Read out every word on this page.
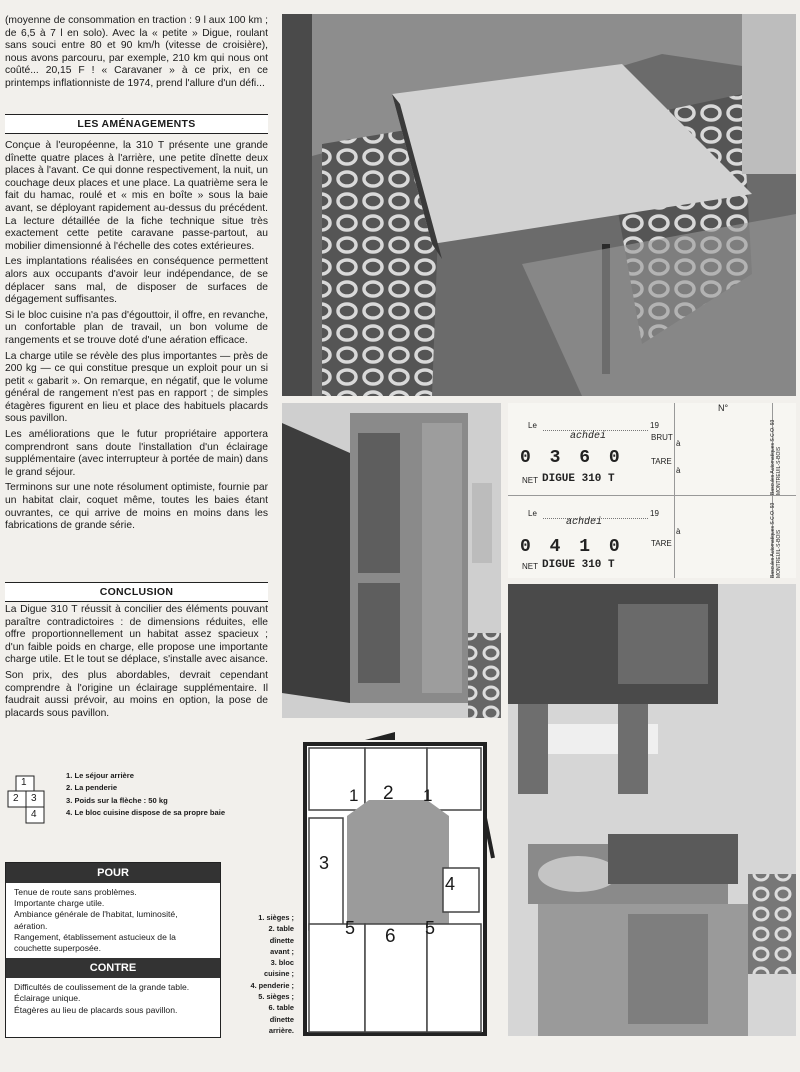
(moyenne de consommation en traction : 9 l aux 100 km ; de 6,5 à 7 l en solo). Avec la « petite » Digue, roulant sans souci entre 80 et 90 km/h (vitesse de croisière), nous avons parcouru, par exemple, 210 km qui nous ont coûté... 20,15 F ! « Caravaner » à ce prix, en ce printemps inflationniste de 1974, prend l'allure d'un défi...

LES AMÉNAGEMENTS

Conçue à l'européenne, la 310 T présente une grande dînette quatre places à l'arrière, une petite dînette deux places à l'avant. Ce qui donne respectivement, la nuit, un couchage deux places et une place. La quatrième sera le fait du hamac, roulé et « mis en boîte » sous la baie avant, se déployant rapidement au-dessus du précédent. La lecture détaillée de la fiche technique situe très exactement cette petite caravane passe-partout, au mobilier dimensionné à l'échelle des cotes extérieures.

Les implantations réalisées en conséquence permettent alors aux occupants d'avoir leur indépendance, de se déplacer sans mal, de disposer de surfaces de dégagement suffisantes.

Si le bloc cuisine n'a pas d'égouttoir, il offre, en revanche, un confortable plan de travail, un bon volume de rangements et se trouve doté d'une aération efficace.

La charge utile se révèle des plus importantes — près de 200 kg — ce qui constitue presque un exploit pour un si petit « gabarit ». On remarque, en négatif, que le volume général de rangement n'est pas en rapport ; de simples étagères figurent en lieu et place des habituels placards sous pavillon.

Les améliorations que le futur propriétaire apportera comprendront sans doute l'installation d'un éclairage supplémentaire (avec interrupteur à portée de main) dans le grand séjour.

Terminons sur une note résolument optimiste, fournie par un habitat clair, coquet même, toutes les baies étant ouvrantes, ce qui arrive de moins en moins dans les fabrications de grande série.

CONCLUSION

La Digue 310 T réussit à concilier des éléments pouvant paraître contradictoires : de dimensions réduites, elle offre proportionnellement un habitat assez spacieux ; d'un faible poids en charge, elle propose une importante charge utile. Et le tout se déplace, s'installe avec aisance.

Son prix, des plus abordables, devrait cependant comprendre à l'origine un éclairage supplémentaire. Il faudrait aussi prévoir, au moins en option, la pose de placards sous pavillon.

1
2 3
4
1. Le séjour arrière
2. La penderie
3. Poids sur la flèche : 50 kg
4. Le bloc cuisine dispose de sa propre baie
POUR
Tenue de route sans problèmes.
Importante charge utile.
Ambiance générale de l'habitat, luminosité, aération.
Rangement, établissement astucieux de la couchette superposée.
CONTRE
Difficultés de coulissement de la grande table.
Éclairage unique.
Étagères au lieu de placards sous pavillon.
Le	19
N°
BRUT
à
TARE
à
achdei
0 3 6 0
NET DIGUE 310 T	Bascules Automatiques S.C.O. 93 MONTREUIL-S-BOIS
Le	19
à
TARE
achdei
0 4 1 0
NET DIGUE 310 T	Bascules Automatiques S.C.O. 93 MONTREUIL-S-BOIS
1 2 1
3
4
5 6 5
1. sièges ;
2. table
dînette
avant ;
3. bloc
cuisine ;
4. penderie ;
5. sièges ;
6. table
dînette
arrière.
